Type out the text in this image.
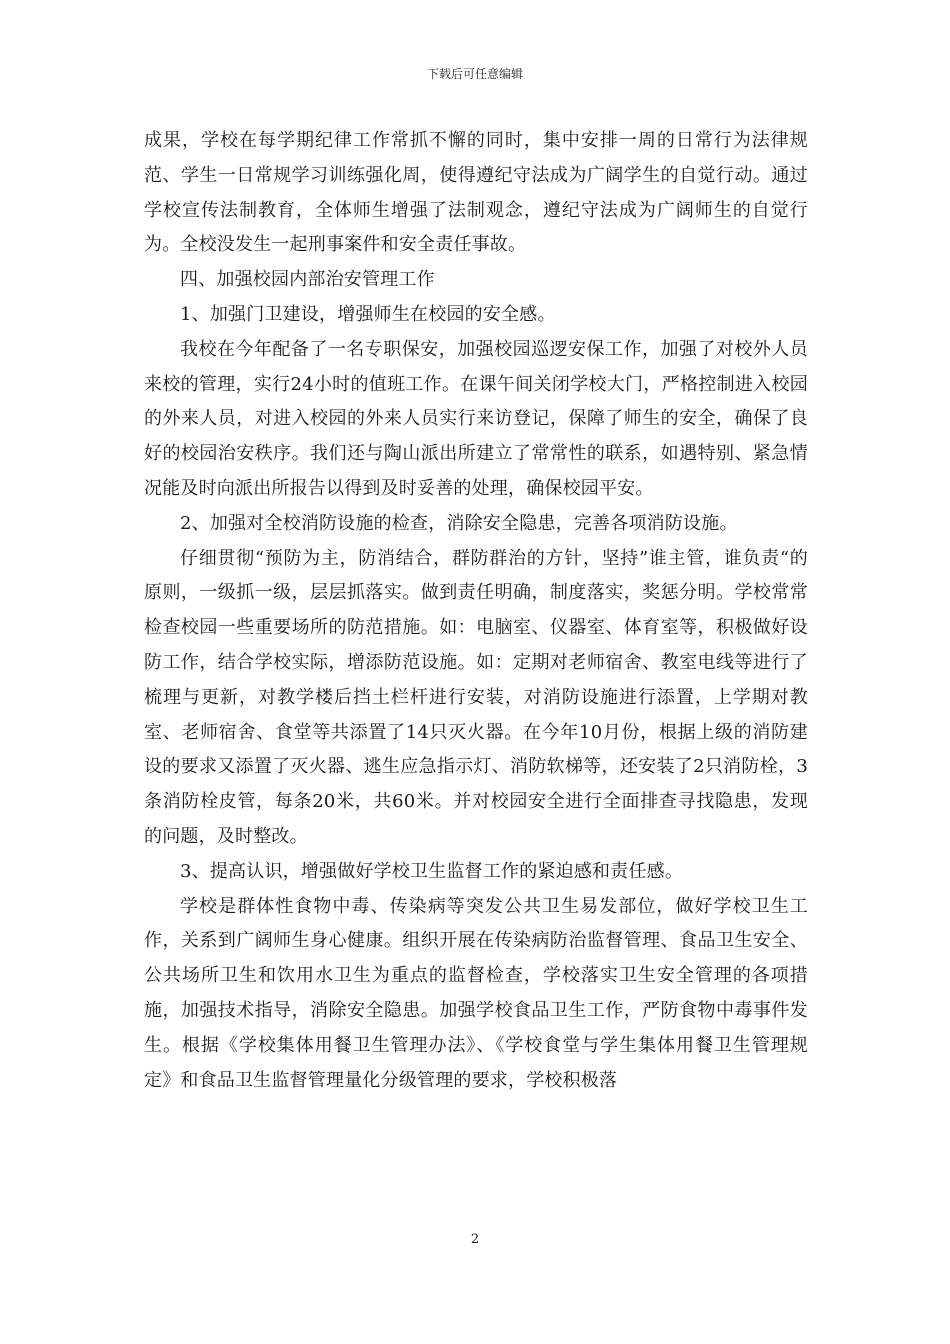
下载后可任意编辑

成果，学校在每学期纪律工作常抓不懈的同时，集中安排一周的日常行为法律规范、学生一日常规学习训练强化周，使得遵纪守法成为广阔学生的自觉行动。通过学校宣传法制教育，全体师生增强了法制观念，遵纪守法成为广阔师生的自觉行为。全校没发生一起刑事案件和安全责任事故。

四、加强校园内部治安管理工作

1、加强门卫建设，增强师生在校园的安全感。

我校在今年配备了一名专职保安，加强校园巡逻安保工作，加强了对校外人员来校的管理，实行24小时的值班工作。在课午间关闭学校大门，严格控制进入校园的外来人员，对进入校园的外来人员实行来访登记，保障了师生的安全，确保了良好的校园治安秩序。我们还与陶山派出所建立了常常性的联系，如遇特别、紧急情况能及时向派出所报告以得到及时妥善的处理，确保校园平安。

2、加强对全校消防设施的检查，消除安全隐患，完善各项消防设施。

仔细贯彻“预防为主，防消结合，群防群治的方针，坚持”谁主管，谁负责“的原则，一级抓一级，层层抓落实。做到责任明确，制度落实，奖惩分明。学校常常检查校园一些重要场所的防范措施。如：电脑室、仪器室、体育室等，积极做好设防工作，结合学校实际，增添防范设施。如：定期对老师宿舍、教室电线等进行了梳理与更新，对教学楼后挡土栏杆进行安装，对消防设施进行添置，上学期对教室、老师宿舍、食堂等共添置了14只灭火器。在今年10月份，根据上级的消防建设的要求又添置了灭火器、逃生应急指示灯、消防软梯等，还安装了2只消防栓，3条消防栓皮管，每条20米，共60米。并对校园安全进行全面排查寻找隐患，发现的问题，及时整改。

3、提高认识，增强做好学校卫生监督工作的紧迫感和责任感。

学校是群体性食物中毒、传染病等突发公共卫生易发部位，做好学校卫生工作，关系到广阔师生身心健康。组织开展在传染病防治监督管理、食品卫生安全、公共场所卫生和饮用水卫生为重点的监督检查，学校落实卫生安全管理的各项措施，加强技术指导，消除安全隐患。加强学校食品卫生工作，严防食物中毒事件发生。根据《学校集体用餐卫生管理办法》、《学校食堂与学生集体用餐卫生管理规定》和食品卫生监督管理量化分级管理的要求，学校积极落

2
